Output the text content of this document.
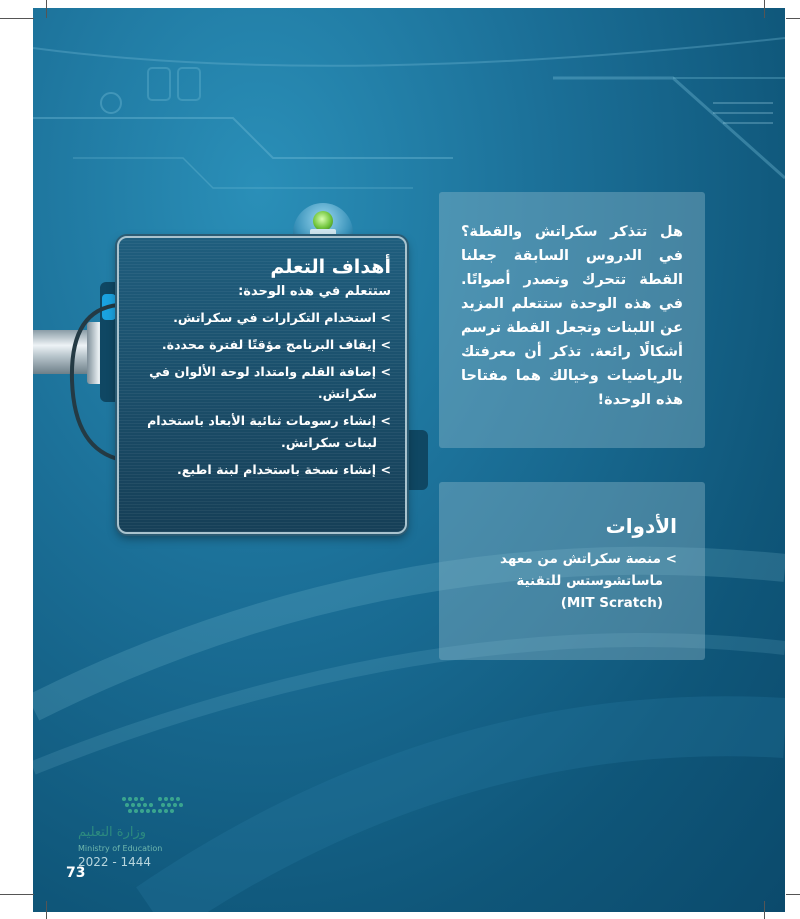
هل تتذكر سكراتش والقطة؟ في الدروس السابقة جعلنا القطة تتحرك وتصدر أصواتًا. في هذه الوحدة ستتعلم المزيد عن اللبنات وتجعل القطة ترسم أشكالًا رائعة. تذكر أن معرفتك بالرياضيات وخيالك هما مفتاحا هذه الوحدة!

الأدوات
> منصة سكراتش من معهد
ماساتشوستس للتقنية
(MIT Scratch)
أهداف التعلم
ستتعلم في هذه الوحدة:
> استخدام التكرارات في سكراتش.
> إيقاف البرنامج مؤقتًا لفترة محددة.
> إضافة القلم وامتداد لوحة الألوان في
سكراتش.
> إنشاء رسومات ثنائية الأبعاد باستخدام
لبنات سكراتش.
> إنشاء نسخة باستخدام لبنة اطبع.
وزارة التعليم
Ministry of Education
2022 - 1444
73
